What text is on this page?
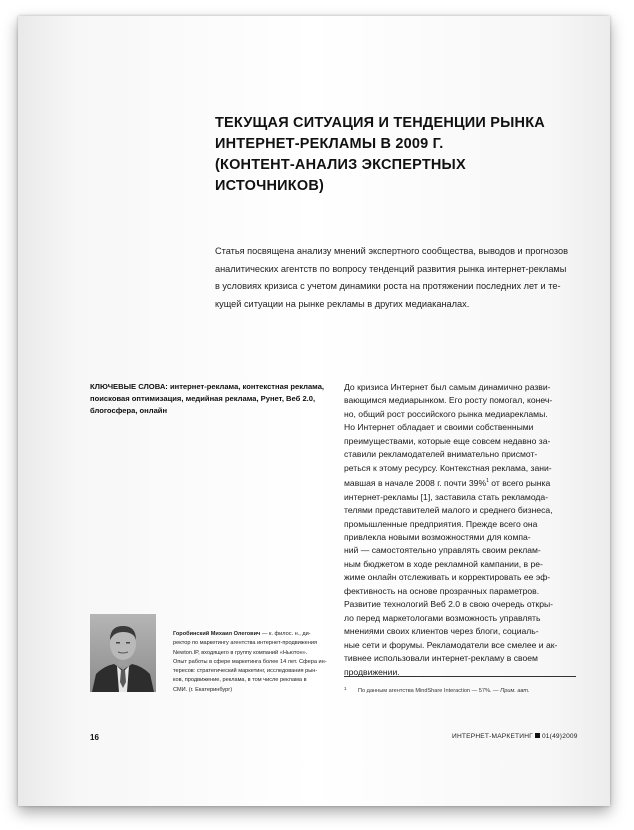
ТЕКУЩАЯ СИТУАЦИЯ И ТЕНДЕНЦИИ РЫНКА
ИНТЕРНЕТ-РЕКЛАМЫ В 2009 Г.
(КОНТЕНТ-АНАЛИЗ ЭКСПЕРТНЫХ
ИСТОЧНИКОВ)
Статья посвящена анализу мнений экспертного сообщества, выводов и прогнозов
аналитических агентств по вопросу тенденций развития рынка интернет-рекламы
в условиях кризиса с учетом динамики роста на протяжении последних лет и те-
кущей ситуации на рынке рекламы в других медиаканалах.
КЛЮЧЕВЫЕ СЛОВА: интернет-реклама, контекстная реклама,
поисковая оптимизация, медийная реклама, Рунет, Веб 2.0,
блогосфера, онлайн
До кризиса Интернет был самым динамично разви-
вающимся медиарынком. Его росту помогал, конеч-
но, общий рост российского рынка медиарекламы.
Но Интернет обладает и своими собственными
преимуществами, которые еще совсем недавно за-
ставили рекламодателей внимательно присмот-
реться к этому ресурсу. Контекстная реклама, зани-
мавшая в начале 2008 г. почти 39%$^1$ от всего рынка
интернет-рекламы [1], заставила стать рекламода-
телями представителей малого и среднего бизнеса,
промышленные предприятия. Прежде всего она
привлекла новыми возможностями для компа-
ний — самостоятельно управлять своим реклам-
ным бюджетом в ходе рекламной кампании, в ре-
жиме онлайн отслеживать и корректировать ее эф-
фективность на основе прозрачных параметров.
Развитие технологий Веб 2.0 в свою очередь откры-
ло перед маркетологами возможность управлять
мнениями своих клиентов через блоги, социаль-
ные сети и форумы. Рекламодатели все смелее и ак-
тивнее использовали интернет-рекламу в своем
продвижении.
1 По данным агентства MindShare Interaction — 57%. — Прим. авт.
Горобинский Михаил Олегович — к. филос. н., ди-
ректор по маркетингу агентства интернет-продвижения
Newton.IP, входящего в группу компаний «Ньютон».
Опыт работы в сфере маркетинга более 14 лет. Сфера ин-
тересов: стратегический маркетинг, исследования рын-
ков, продвижение, реклама, в том числе реклама в
СМИ. (г. Екатеринбург)
16	ИНТЕРНЕТ-МАРКЕТИНГ 01(49)2009
